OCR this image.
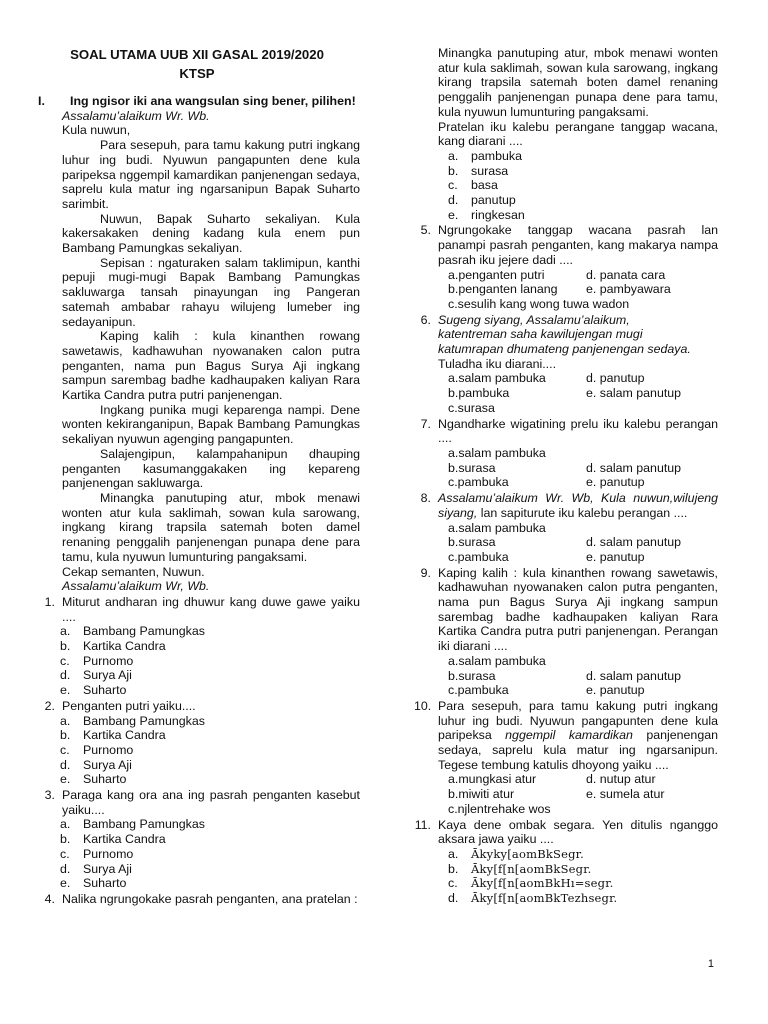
SOAL UTAMA UUB XII GASAL 2019/2020
KTSP
I.	Ing ngisor iki ana wangsulan sing bener, pilihen!

Assalamu’alaikum Wr. Wb.

Kula nuwun,

Para sesepuh, para tamu kakung putri ingkang luhur ing budi. Nyuwun pangapunten dene kula paripeksa nggempil kamardikan panjenengan sedaya, saprelu kula matur ing ngarsanipun Bapak Suharto sarimbit.

Nuwun, Bapak Suharto sekaliyan. Kula kakersakaken dening kadang kula enem pun Bambang Pamungkas sekaliyan.

Sepisan : ngaturaken salam taklimipun, kanthi pepuji mugi-mugi Bapak Bambang Pamungkas sakluwarga tansah pinayungan ing Pangeran satemah ambabar rahayu wilujeng lumeber ing sedayanipun.

Kaping kalih : kula kinanthen rowang sawetawis, kadhawuhan nyowanaken calon putra penganten, nama pun Bagus Surya Aji ingkang sampun sarembag badhe kadhaupaken kaliyan Rara Kartika Candra putra putri panjenengan.

Ingkang punika mugi keparenga nampi. Dene wonten kekiranganipun, Bapak Bambang Pamungkas sekaliyan nyuwun agenging pangapunten.

Salajengipun, kalampahanipun dhauping penganten kasumanggakaken ing kepareng panjenengan sakluwarga.

Minangka panutuping atur, mbok menawi wonten atur kula saklimah, sowan kula sarowang, ingkang kirang trapsila satemah boten damel renaning penggalih panjenengan punapa dene para tamu, kula nyuwun lumunturing pangaksami.

Cekap semanten, Nuwun.

Assalamu’alaikum Wr, Wb.

1. Miturut andharan ing dhuwur kang duwe gawe yaiku ....
a.	Bambang Pamungkas
b.	Kartika Candra
c.	Purnomo
d.	Surya Aji
e.	Suharto
2. Penganten putri yaiku....
a.	Bambang Pamungkas
b.	Kartika Candra
c.	Purnomo
d.	Surya Aji
e.	Suharto
3. Paraga kang ora ana ing pasrah penganten kasebut yaiku....
a.	Bambang Pamungkas
b.	Kartika Candra
c.	Purnomo
d.	Surya Aji
e.	Suharto
4. Nalika ngrungokake pasrah penganten, ana pratelan :

Minangka panutuping atur, mbok menawi wonten atur kula saklimah, sowan kula sarowang, ingkang kirang trapsila satemah boten damel renaning penggalih panjenengan punapa dene para tamu, kula nyuwun lumunturing pangaksami.

Pratelan iku kalebu perangane tanggap wacana, kang diarani ....

a.	pambuka
b.	surasa
c.	basa
d.	panutup
e.	ringkesan
5. Ngrungokake tanggap wacana pasrah lan panampi pasrah penganten, kang makarya nampa pasrah iku jejere dadi ....
a. penganten putri	d. panata cara
b. penganten lanang e. pambyawara
c. sesulih kang wong tuwa wadon
6. Sugeng siyang, Assalamu’alaikum,
katentreman saha kawilujengan mugi
katumrapan dhumateng panjenengan sedaya.
Tuladha iku diarani....
a. salam pambuka	d. panutup
b. pambuka	e. salam panutup
c. surasa
7. Ngandharke wigatining prelu iku kalebu perangan ....
a. salam pambuka
b. surasa	d. salam panutup
c. pambuka	e. panutup
8. Assalamu’alaikum Wr. Wb, Kula nuwun,wilujeng siyang, lan sapiturute iku kalebu perangan ....
a. salam pambuka
b. surasa	d. salam panutup
c. pambuka	e. panutup
9. Kaping kalih : kula kinanthen rowang sawetawis, kadhawuhan nyowanaken calon putra penganten, nama pun Bagus Surya Aji ingkang sampun sarembag badhe kadhaupaken kaliyan Rara Kartika Candra putra putri panjenengan. Perangan iki diarani ....
a. salam pambuka
b. surasa	d. salam panutup
c. pambuka	e. panutup
10. Para sesepuh, para tamu kakung putri ingkang luhur ing budi. Nyuwun pangapunten dene kula paripeksa nggempil kamardikan panjenengan sedaya, saprelu kula matur ing ngarsanipun. Tegese tembung katulis dhoyong yaiku ....
a. mungkasi atur	d. nutup atur
b. miwiti atur	e. sumela atur
c. njlentrehake wos
11. Kaya dene ombak segara. Yen ditulis nganggo aksara jawa yaiku ....
a.	Ākyky[aomBkSegr.
b.	Āky[f[n[aomBkSegr.
c.	Āky[f[n[aomBkHı=segr.
d.	Āky[f[n[aomBkTezhsegr.
1
